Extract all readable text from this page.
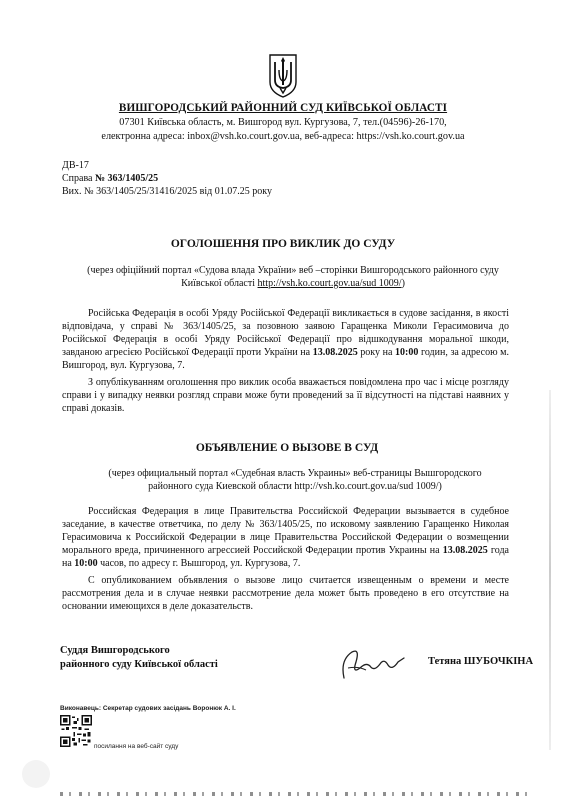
ВИШГОРОДСЬКИЙ РАЙОННИЙ СУД КИЇВСЬКОЇ ОБЛАСТІ
07301 Київська область, м. Вишгород вул. Кургузова, 7, тел.(04596)-26-170,
електронна адреса: inbox@vsh.ko.court.gov.ua, веб-адреса: https://vsh.ko.court.gov.ua
ДВ-17
Справа № 363/1405/25
Вих. № 363/1405/25/31416/2025 від 01.07.25 року
ОГОЛОШЕННЯ ПРО ВИКЛИК ДО СУДУ
(через офіційний портал «Судова влада України» веб –сторінки Вишгородського районного суду Київської області http://vsh.ko.court.gov.ua/sud 1009/)
Російська Федерація в особі Уряду Російської Федерації викликається в судове засідання, в якості відповідача, у справі № 363/1405/25, за позовною заявою Гаращенка Миколи Герасимовича до Російської Федерація в особі Уряду Російської Федерації про відшкодування моральної шкоди, завданою агресією Російської Федерації проти України на 13.08.2025 року на 10:00 годин, за адресою м. Вишгород, вул. Кургузова, 7.
З опублікуванням оголошення про виклик особа вважається повідомлена про час і місце розгляду справи і у випадку неявки розгляд справи може бути проведений за її відсутності на підставі наявних у справі доказів.
ОБЪЯВЛЕНИЕ О ВЫЗОВЕ В СУД
(через официальный портал «Судебная власть Украины» веб-страницы Вышгородского районного суда Киевской области http://vsh.ko.court.gov.ua/sud 1009/)
Российская Федерация в лице Правительства Российской Федерации вызывается в судебное заседание, в качестве ответчика, по делу № 363/1405/25, по исковому заявлению Гаращенко Николая Герасимовича к Российской Федерации в лице Правительства Российской Федерации о возмещении морального вреда, причиненного агрессией Российской Федерации против Украины на 13.08.2025 года на 10:00 часов, по адресу г. Вышгород, ул. Кургузова, 7.
С опубликованием объявления о вызове лицо считается извещенным о времени и месте рассмотрения дела и в случае неявки рассмотрение дела может быть проведено в его отсутствие на основании имеющихся в деле доказательств.
Суддя Вишгородського
районного суду Київської області	Тетяна ШУБОЧКІНА
Виконавець: Секретар судових засідань Воронюк А. І.
посилання на веб-сайт суду
